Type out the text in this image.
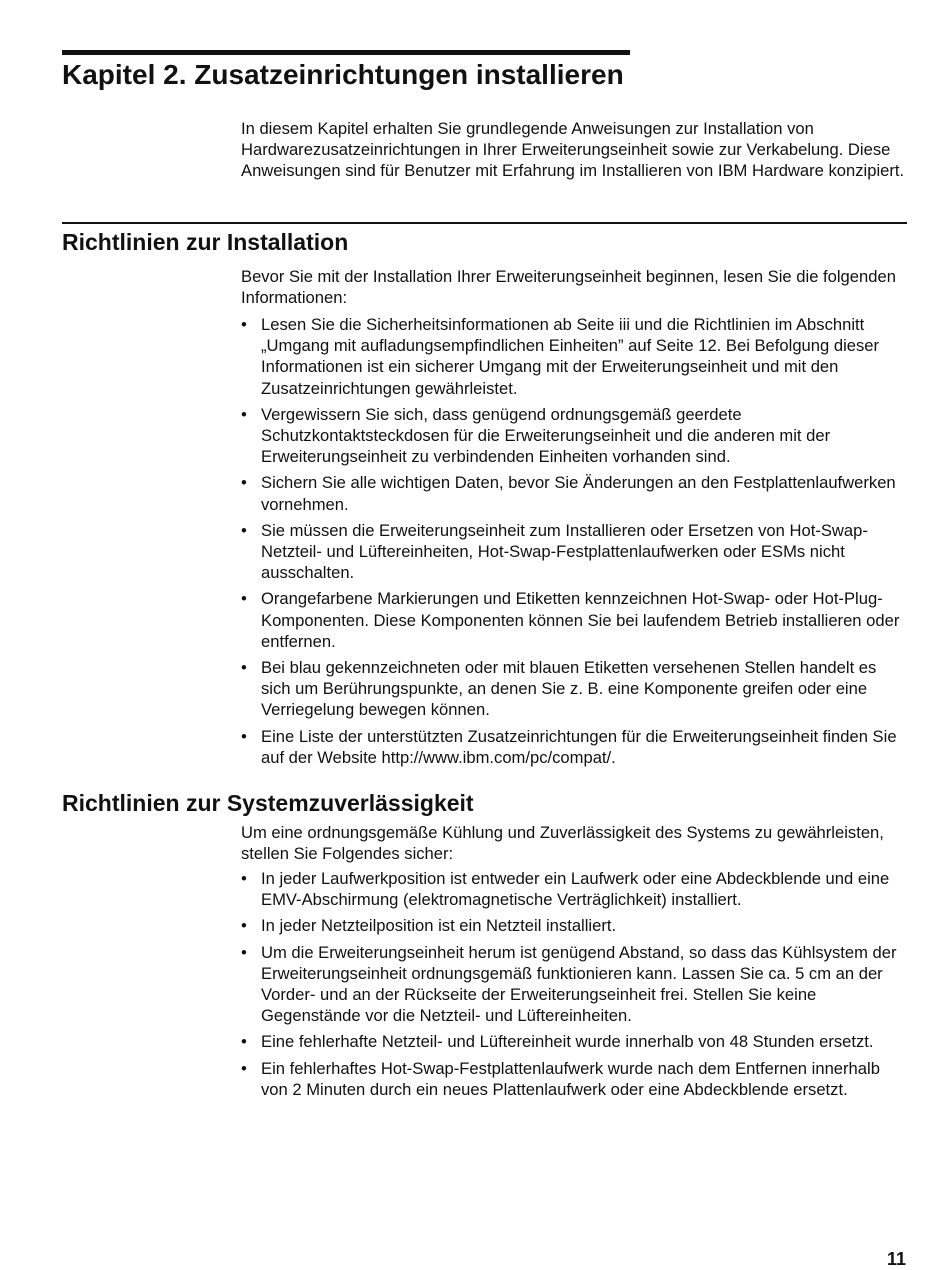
Kapitel 2. Zusatzeinrichtungen installieren

In diesem Kapitel erhalten Sie grundlegende Anweisungen zur Installation von Hardwarezusatzeinrichtungen in Ihrer Erweiterungseinheit sowie zur Verkabelung. Diese Anweisungen sind für Benutzer mit Erfahrung im Installieren von IBM Hardware konzipiert.

Richtlinien zur Installation

Bevor Sie mit der Installation Ihrer Erweiterungseinheit beginnen, lesen Sie die folgenden Informationen:

• Lesen Sie die Sicherheitsinformationen ab Seite iii und die Richtlinien im Abschnitt „Umgang mit aufladungsempfindlichen Einheiten” auf Seite 12. Bei Befolgung dieser Informationen ist ein sicherer Umgang mit der Erweiterungseinheit und mit den Zusatzeinrichtungen gewährleistet.
• Vergewissern Sie sich, dass genügend ordnungsgemäß geerdete Schutzkontaktsteckdosen für die Erweiterungseinheit und die anderen mit der Erweiterungseinheit zu verbindenden Einheiten vorhanden sind.
• Sichern Sie alle wichtigen Daten, bevor Sie Änderungen an den Festplattenlaufwerken vornehmen.
• Sie müssen die Erweiterungseinheit zum Installieren oder Ersetzen von Hot-Swap-Netzteil- und Lüftereinheiten, Hot-Swap-Festplattenlaufwerken oder ESMs nicht ausschalten.
• Orangefarbene Markierungen und Etiketten kennzeichnen Hot-Swap- oder Hot-Plug-Komponenten. Diese Komponenten können Sie bei laufendem Betrieb installieren oder entfernen.
• Bei blau gekennzeichneten oder mit blauen Etiketten versehenen Stellen handelt es sich um Berührungspunkte, an denen Sie z. B. eine Komponente greifen oder eine Verriegelung bewegen können.
• Eine Liste der unterstützten Zusatzeinrichtungen für die Erweiterungseinheit finden Sie auf der Website http://www.ibm.com/pc/compat/.
Richtlinien zur Systemzuverlässigkeit

Um eine ordnungsgemäße Kühlung und Zuverlässigkeit des Systems zu gewährleisten, stellen Sie Folgendes sicher:

• In jeder Laufwerkposition ist entweder ein Laufwerk oder eine Abdeckblende und eine EMV-Abschirmung (elektromagnetische Verträglichkeit) installiert.
• In jeder Netzteilposition ist ein Netzteil installiert.
• Um die Erweiterungseinheit herum ist genügend Abstand, so dass das Kühlsystem der Erweiterungseinheit ordnungsgemäß funktionieren kann. Lassen Sie ca. 5 cm an der Vorder- und an der Rückseite der Erweiterungseinheit frei. Stellen Sie keine Gegenstände vor die Netzteil- und Lüftereinheiten.
• Eine fehlerhafte Netzteil- und Lüftereinheit wurde innerhalb von 48 Stunden ersetzt.
• Ein fehlerhaftes Hot-Swap-Festplattenlaufwerk wurde nach dem Entfernen innerhalb von 2 Minuten durch ein neues Plattenlaufwerk oder eine Abdeckblende ersetzt.

11
